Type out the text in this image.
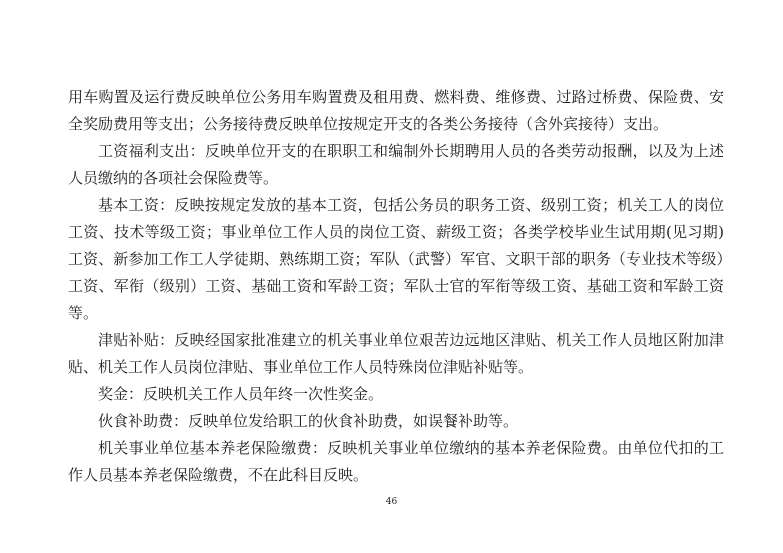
用车购置及运行费反映单位公务用车购置费及租用费、燃料费、维修费、过路过桥费、保险费、安全奖励费用等支出；公务接待费反映单位按规定开支的各类公务接待（含外宾接待）支出。

工资福利支出：反映单位开支的在职职工和编制外长期聘用人员的各类劳动报酬，以及为上述人员缴纳的各项社会保险费等。

基本工资：反映按规定发放的基本工资，包括公务员的职务工资、级别工资；机关工人的岗位工资、技术等级工资；事业单位工作人员的岗位工资、薪级工资；各类学校毕业生试用期(见习期)工资、新参加工作工人学徒期、熟练期工资；军队（武警）军官、文职干部的职务（专业技术等级）工资、军衔（级别）工资、基础工资和军龄工资；军队士官的军衔等级工资、基础工资和军龄工资等。

津贴补贴：反映经国家批准建立的机关事业单位艰苦边远地区津贴、机关工作人员地区附加津贴、机关工作人员岗位津贴、事业单位工作人员特殊岗位津贴补贴等。

奖金：反映机关工作人员年终一次性奖金。

伙食补助费：反映单位发给职工的伙食补助费，如误餐补助等。

机关事业单位基本养老保险缴费：反映机关事业单位缴纳的基本养老保险费。由单位代扣的工作人员基本养老保险缴费，不在此科目反映。

46
